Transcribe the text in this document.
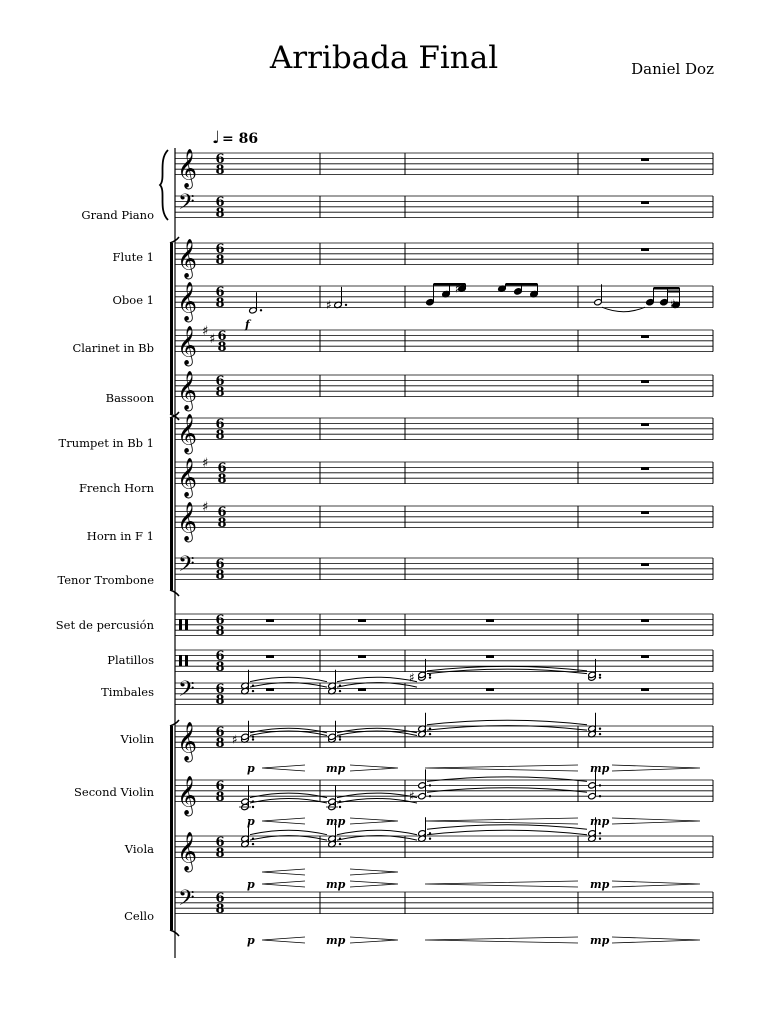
Arribada Final	Daniel Doz
♩ = 86
Grand Piano
Flute 1
Oboe 1
Clarinet in Bb
Bassoon
Trumpet in Bb 1
French Horn
Horn in F 1
Tenor Trombone
Set de percusión
Platillos
Timbales
Violin
Second Violin
Viola
Cello
𝄞 6
8
𝄢 6
8
𝄞 6
8
𝄞 6
8
𝄞 ♯
♯ 6
8
𝄞 6
8
𝄞 6
8
𝄞 ♯ 6
8
𝄞 ♯ 6
8
𝄢 6
8
6
8
6
8
𝄢 6
8
𝄞 6
8
𝄞 6
8
𝄞 6
8
𝄢 6
8
f
♯
♯
♯
♯
♯
♯
p	mp	mp
p	mp	mp
p	mp	mp
p	mp	mp
